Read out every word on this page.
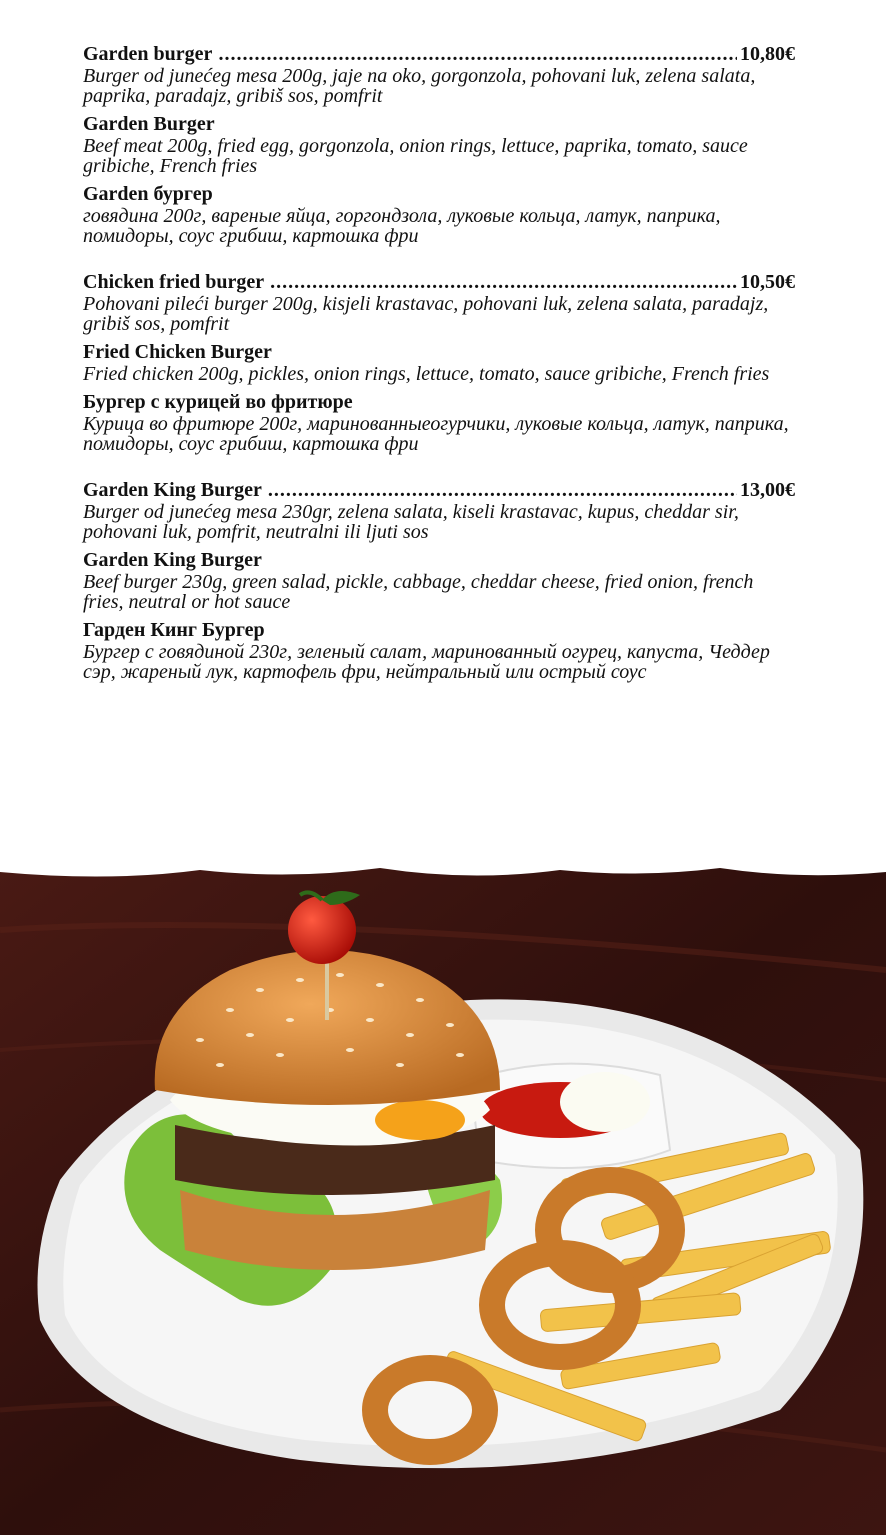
Garden burger .....	10,80€

Burger od junećeg mesa 200g, jaje na oko, gorgonzola, pohovani luk, zelena salata, paprika, paradajz, gribiš sos, pomfrit

Garden Burger

Beef meat 200g, fried egg, gorgonzola, onion rings, lettuce, paprika, tomato, sauce gribiche, French fries

Garden бургер

говядина 200г, вареные яйца, горгондзола, луковые кольца, латук, паприка, помидоры, соус грибиш, картошка фри

Chicken fried burger .....	10,50€

Pohovani pileći burger 200g, kisjeli krastavac, pohovani luk, zelena salata, paradajz, gribiš sos, pomfrit

Fried Chicken Burger

Fried chicken 200g, pickles, onion rings, lettuce, tomato, sauce gribiche, French fries

Бургер с курицей во фритюре

Курица во фритюре 200г, маринованныеогурчики, луковые кольца, латук, паприка, помидоры, соус грибиш, картошка фри

Garden King Burger .....	13,00€

Burger od junećeg mesa 230gr, zelena salata, kiseli krastavac, kupus, cheddar sir, pohovani luk, pomfrit, neutralni ili ljuti sos

Garden King Burger

Beef burger 230g, green salad, pickle, cabbage, cheddar cheese, fried onion, french fries, neutral or hot sauce

Гарден Кинг Бургер

Бургер с говядиной 230г, зеленый салат, маринованный огурец, капуста, Чеддер сэр, жареный лук, картофель фри, нейтральный или острый соус
